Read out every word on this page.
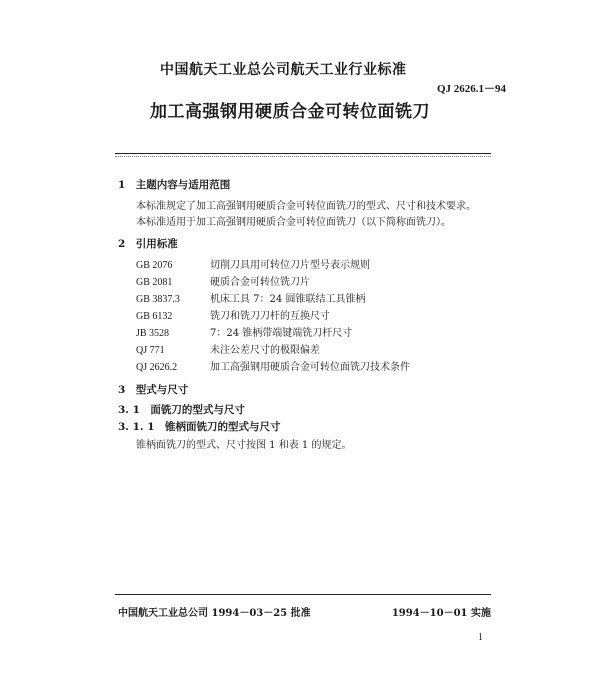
中国航天工业总公司航天工业行业标准
QJ 2626.1－94
加工高强钢用硬质合金可转位面铣刀
1　主题内容与适用范围
本标准规定了加工高强钢用硬质合金可转位面铣刀的型式、尺寸和技术要求。
本标准适用于加工高强钢用硬质合金可转位面铣刀（以下简称面铣刀）。
2　引用标准
GB 2076	切削刀具用可转位刀片型号表示规则
GB 2081	硬质合金可转位铣刀片
GB 3837.3	机床工具 7：24 圆锥联结工具锥柄
GB 6132	铣刀和铣刀刀杆的互换尺寸
JB 3528	7：24 锥柄带端键端铣刀杆尺寸
QJ 771	未注公差尺寸的极限偏差
QJ 2626.2	加工高强钢用硬质合金可转位面铣刀技术条件
3　型式与尺寸
3. 1　面铣刀的型式与尺寸
3. 1. 1　锥柄面铣刀的型式与尺寸
锥柄面铣刀的型式、尺寸按图 1 和表 1 的规定。
中国航天工业总公司 1994－03－25 批准	1994－10－01 实施
1
